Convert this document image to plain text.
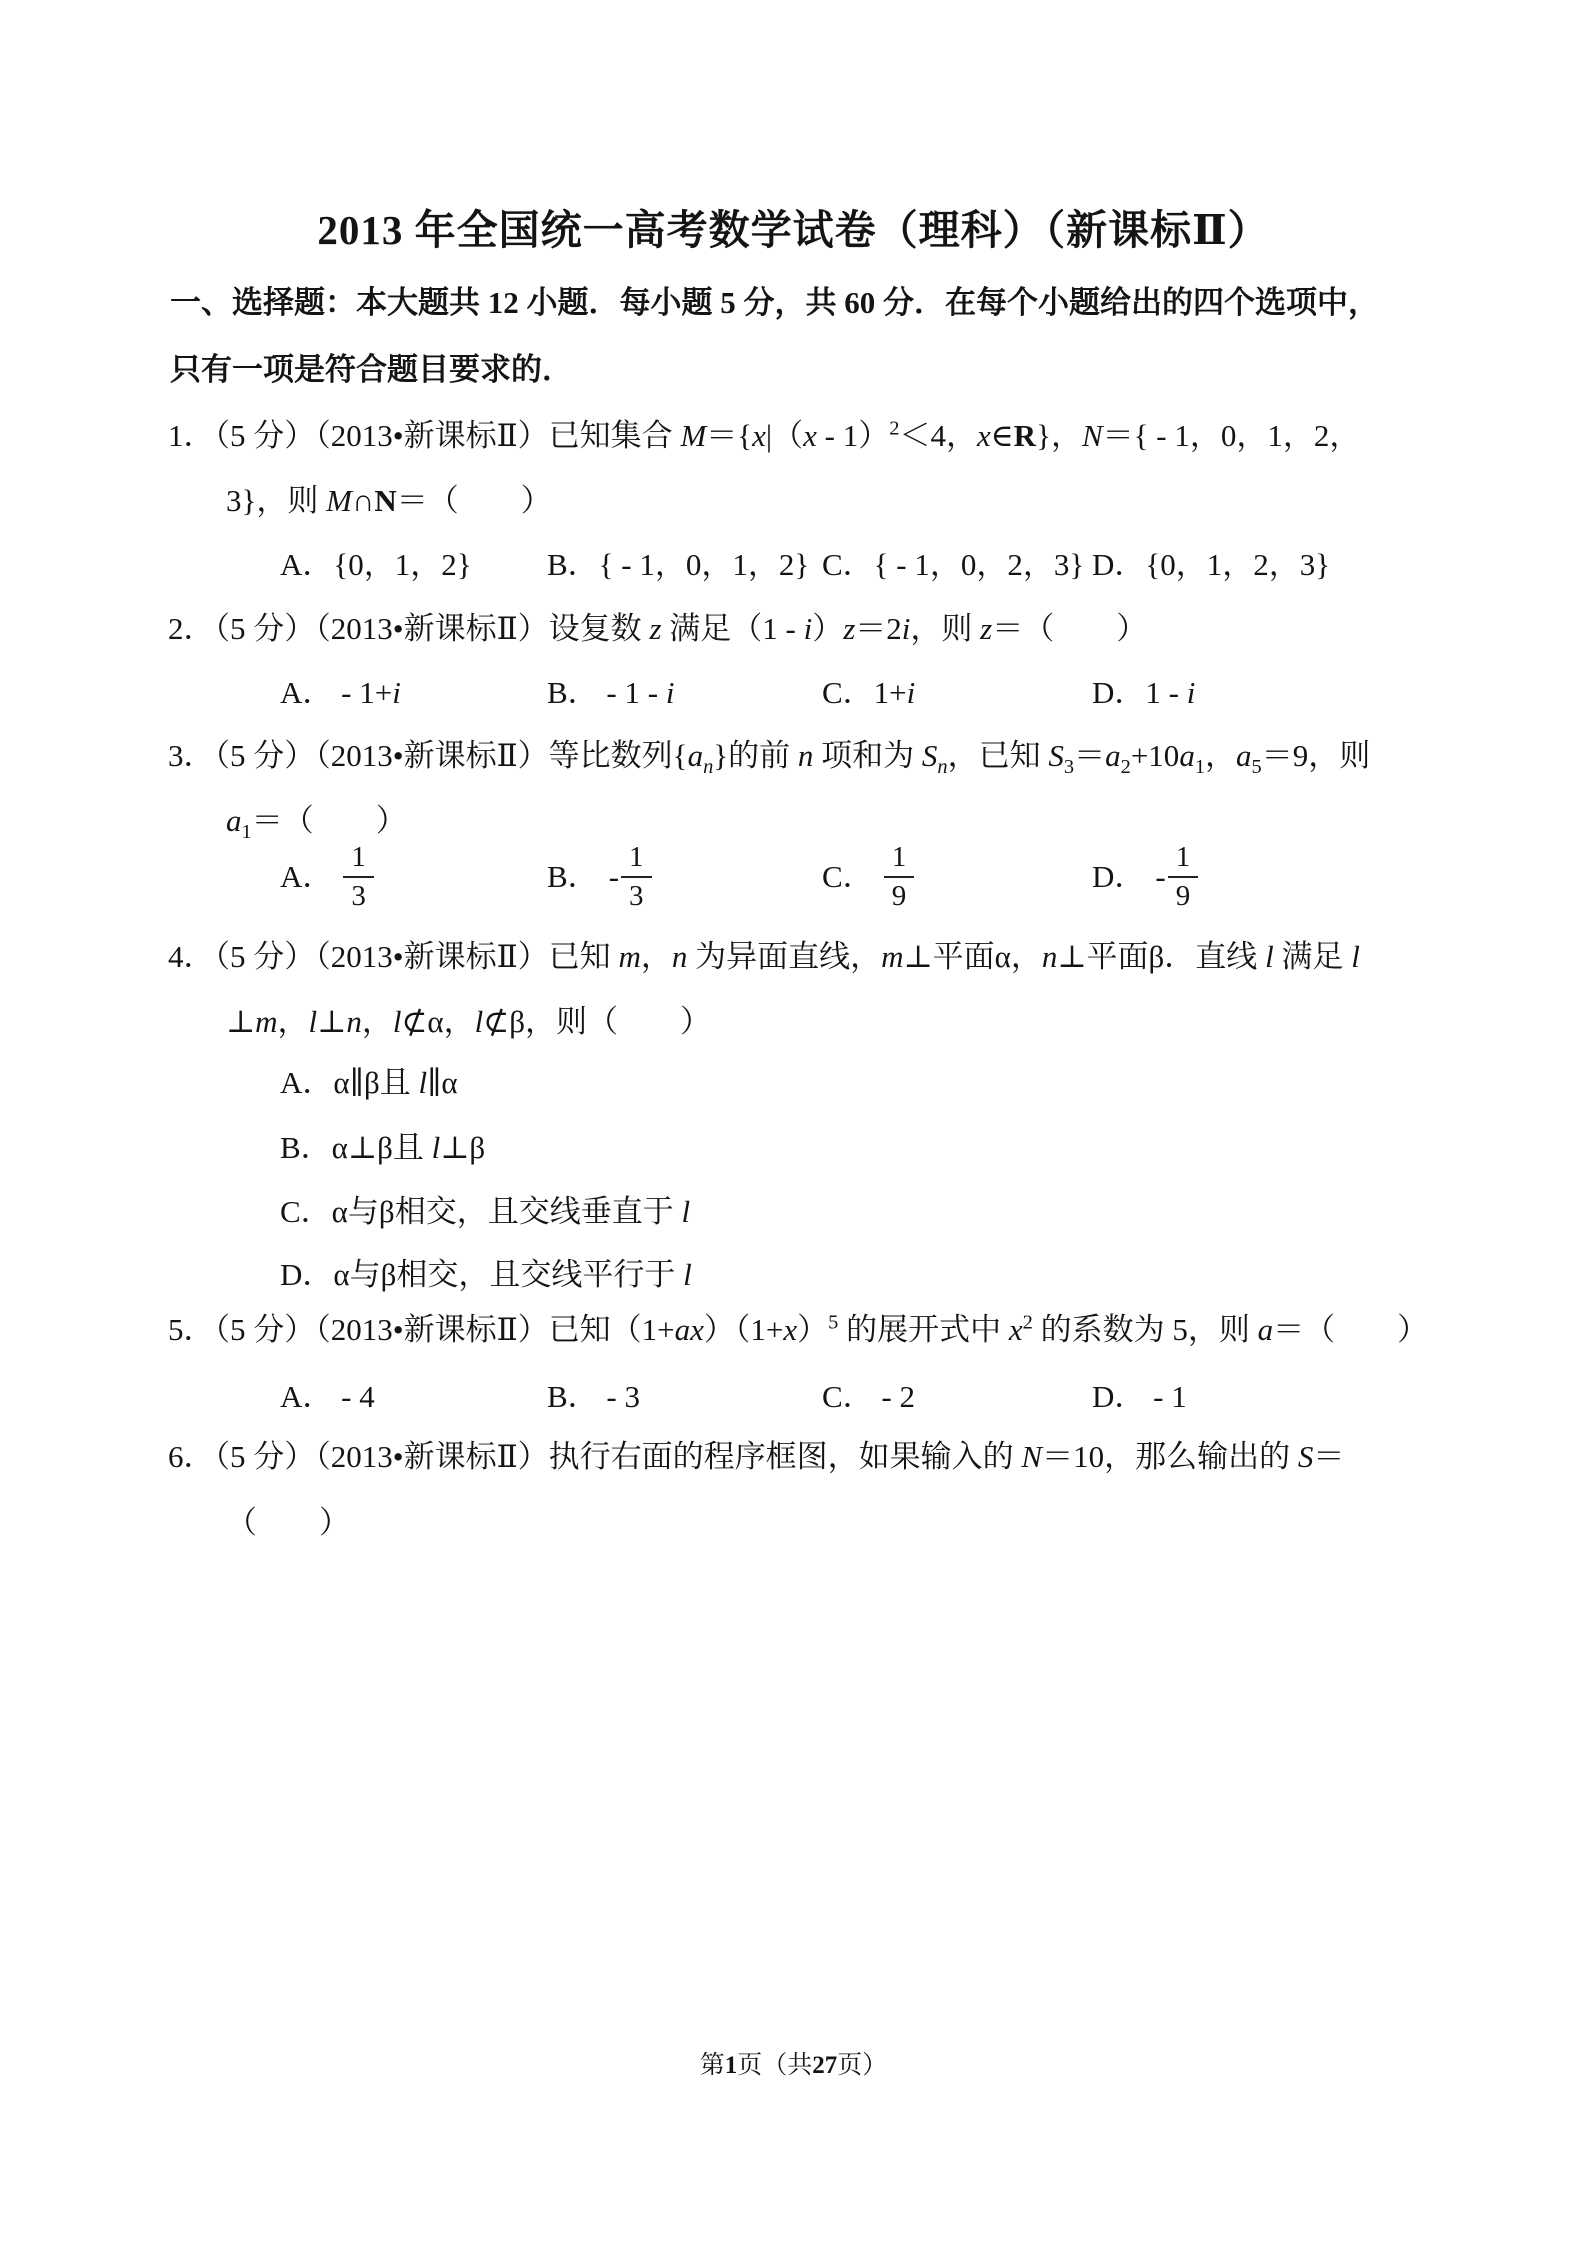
2013 年全国统一高考数学试卷（理科）（新课标Ⅱ）
一、选择题：本大题共 12 小题．每小题 5 分，共 60 分．在每个小题给出的四个选项中，
只有一项是符合题目要求的．
1．（5 分）（2013•新课标Ⅱ）已知集合 M＝{x|（x - 1）$^2$＜4，x∈R}，N＝{ - 1，0，1，2，
3}，则 M∩N＝（　　）
A．{0，1，2} B．{ - 1，0，1，2} C．{ - 1，0，2，3} D．{0，1，2，3}
2．（5 分）（2013•新课标Ⅱ）设复数 z 满足（1 - i）z＝2i，则 z＝（　　）
A． - 1+i	B． - 1 - i	C．1+i	D．1 - i
3．（5 分）（2013•新课标Ⅱ）等比数列$\{a_n\}$的前 n 项和为 $S_n$，已知 $S_3=a_2+10a_1$，$a_5=9$，则
$a_1=$（　　）
A． $\frac{1}{3}$	B． - $\frac{1}{3}$	C． $\frac{1}{9}$	D． - $\frac{1}{9}$
4．（5 分）（2013•新课标Ⅱ）已知 m，n 为异面直线，m⊥平面α，n⊥平面β．直线 l 满足 l
⊥m，l⊥n，l⊄α，l⊄β，则（　　）
A．α∥β且 l∥α
B．α⊥β且 l⊥β
C．α与β相交，且交线垂直于 l
D．α与β相交，且交线平行于 l
5．（5 分）（2013•新课标Ⅱ）已知$(1+ax)(1+x)^5$ 的展开式中 $x^2$ 的系数为 5，则 a＝（　　）
A． - 4	B． - 3	C． - 2	D． - 1
6．（5 分）（2013•新课标Ⅱ）执行右面的程序框图，如果输入的 N＝10，那么输出的 S＝
（　　）
第1页（共27页）
